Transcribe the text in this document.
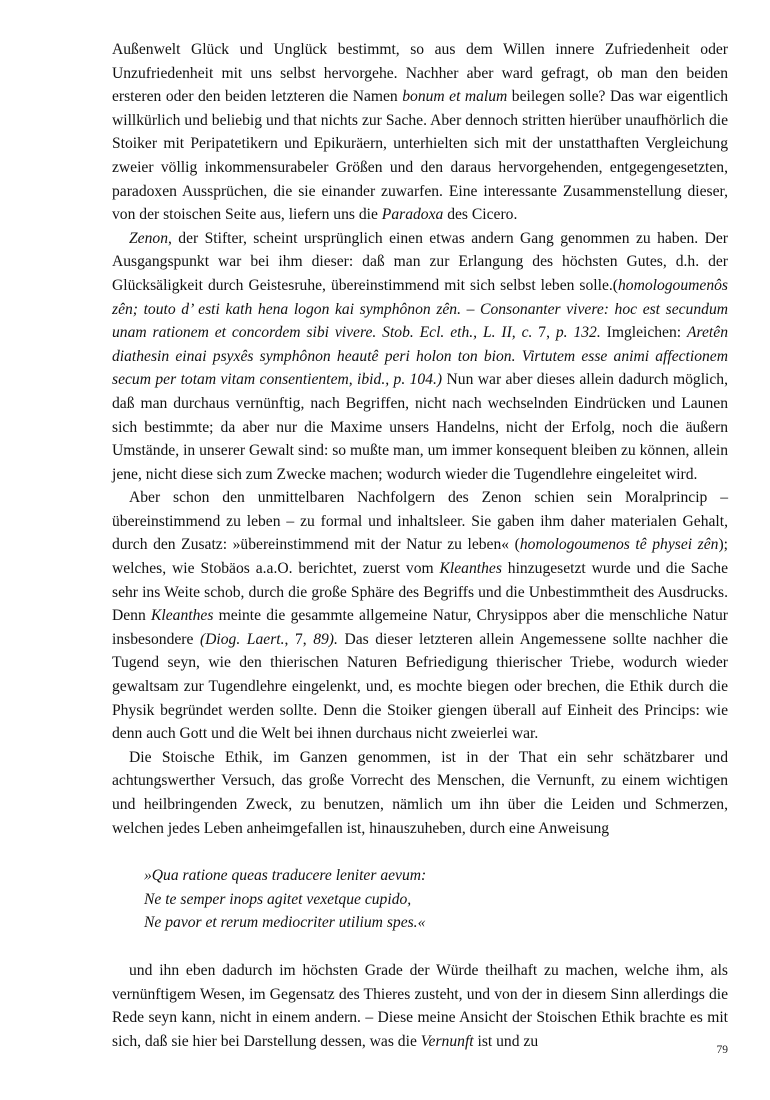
Außenwelt Glück und Unglück bestimmt, so aus dem Willen innere Zufriedenheit oder Unzufriedenheit mit uns selbst hervorgehe. Nachher aber ward gefragt, ob man den beiden ersteren oder den beiden letzteren die Namen bonum et malum beilegen solle? Das war eigentlich willkürlich und beliebig und that nichts zur Sache. Aber dennoch stritten hierüber unaufhörlich die Stoiker mit Peripatetikern und Epikuräern, unterhielten sich mit der unstatthaften Vergleichung zweier völlig inkommensurabeler Größen und den daraus hervorgehenden, entgegengesetzten, paradoxen Aussprüchen, die sie einander zuwarfen. Eine interessante Zusammenstellung dieser, von der stoischen Seite aus, liefern uns die Paradoxa des Cicero.

Zenon, der Stifter, scheint ursprünglich einen etwas andern Gang genommen zu haben. Der Ausgangspunkt war bei ihm dieser: daß man zur Erlangung des höchsten Gutes, d.h. der Glücksäligkeit durch Geistesruhe, übereinstimmend mit sich selbst leben solle.(homologoumenôs zên; touto d’ esti kath hena logon kai symphônon zên. – Consonanter vivere: hoc est secundum unam rationem et concordem sibi vivere. Stob. Ecl. eth., L. II, c. 7, p. 132. Imgleichen: Aretên diathesin einai psyxês symphônon heautê peri holon ton bion. Virtutem esse animi affectionem secum per totam vitam consentientem, ibid., p. 104.) Nun war aber dieses allein dadurch möglich, daß man durchaus vernünftig, nach Begriffen, nicht nach wechselnden Eindrücken und Launen sich bestimmte; da aber nur die Maxime unsers Handelns, nicht der Erfolg, noch die äußern Umstände, in unserer Gewalt sind: so mußte man, um immer konsequent bleiben zu können, allein jene, nicht diese sich zum Zwecke machen; wodurch wieder die Tugendlehre eingeleitet wird.

Aber schon den unmittelbaren Nachfolgern des Zenon schien sein Moralprincip – übereinstimmend zu leben – zu formal und inhaltsleer. Sie gaben ihm daher materialen Gehalt, durch den Zusatz: »übereinstimmend mit der Natur zu leben« (homologoumenos tê physei zên); welches, wie Stobäos a.a.O. berichtet, zuerst vom Kleanthes hinzugesetzt wurde und die Sache sehr ins Weite schob, durch die große Sphäre des Begriffs und die Unbestimmtheit des Ausdrucks. Denn Kleanthes meinte die gesammte allgemeine Natur, Chrysippos aber die menschliche Natur insbesondere (Diog. Laert., 7, 89). Das dieser letzteren allein Angemessene sollte nachher die Tugend seyn, wie den thierischen Naturen Befriedigung thierischer Triebe, wodurch wieder gewaltsam zur Tugendlehre eingelenkt, und, es mochte biegen oder brechen, die Ethik durch die Physik begründet werden sollte. Denn die Stoiker giengen überall auf Einheit des Princips: wie denn auch Gott und die Welt bei ihnen durchaus nicht zweierlei war.

Die Stoische Ethik, im Ganzen genommen, ist in der That ein sehr schätzbarer und achtungswerther Versuch, das große Vorrecht des Menschen, die Vernunft, zu einem wichtigen und heilbringenden Zweck, zu benutzen, nämlich um ihn über die Leiden und Schmerzen, welchen jedes Leben anheimgefallen ist, hinauszuheben, durch eine Anweisung

»Qua ratione queas traducere leniter aevum:
Ne te semper inops agitet vexetque cupido,
Ne pavor et rerum mediocriter utilium spes.«

und ihn eben dadurch im höchsten Grade der Würde theilhaft zu machen, welche ihm, als vernünftigem Wesen, im Gegensatz des Thieres zusteht, und von der in diesem Sinn allerdings die Rede seyn kann, nicht in einem andern. – Diese meine Ansicht der Stoischen Ethik brachte es mit sich, daß sie hier bei Darstellung dessen, was die Vernunft ist und zu

79
